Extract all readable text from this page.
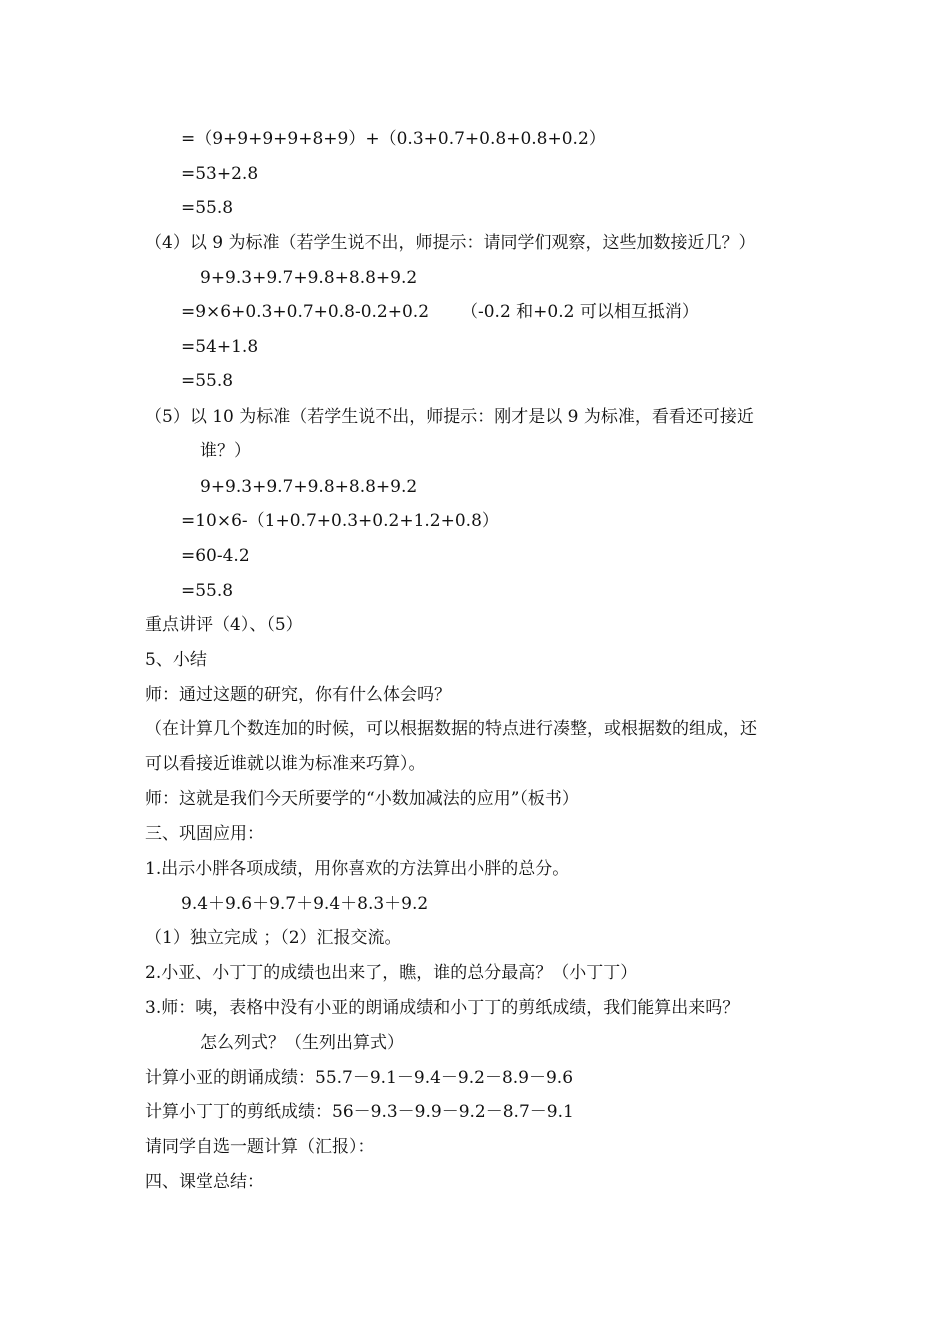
=（9+9+9+9+8+9）+（0.3+0.7+0.8+0.8+0.2）
=53+2.8
=55.8
（4）以 9 为标准（若学生说不出，师提示：请同学们观察，这些加数接近几？）
9+9.3+9.7+9.8+8.8+9.2
=9×6+0.3+0.7+0.8-0.2+0.2 （-0.2 和+0.2 可以相互抵消）
=54+1.8
=55.8
（5）以 10 为标准（若学生说不出，师提示：刚才是以 9 为标准，看看还可接近
谁？）
9+9.3+9.7+9.8+8.8+9.2
=10×6-（1+0.7+0.3+0.2+1.2+0.8）
=60-4.2
=55.8
重点讲评（4）、（5）
5、小结
师：通过这题的研究，你有什么体会吗？
（在计算几个数连加的时候，可以根据数据的特点进行凑整，或根据数的组成，还
可以看接近谁就以谁为标准来巧算）。
师：这就是我们今天所要学的“小数加减法的应用”（板书）
三、巩固应用：
1.出示小胖各项成绩，用你喜欢的方法算出小胖的总分。
9.4＋9.6＋9.7＋9.4＋8.3＋9.2
（1）独立完成 ；（2）汇报交流。
2.小亚、小丁丁的成绩也出来了，瞧，谁的总分最高？（小丁丁）
3.师：咦，表格中没有小亚的朗诵成绩和小丁丁的剪纸成绩，我们能算出来吗？
怎么列式？（生列出算式）
计算小亚的朗诵成绩：55.7－9.1－9.4－9.2－8.9－9.6
计算小丁丁的剪纸成绩：56－9.3－9.9－9.2－8.7－9.1
请同学自选一题计算（汇报）：
四、课堂总结：
